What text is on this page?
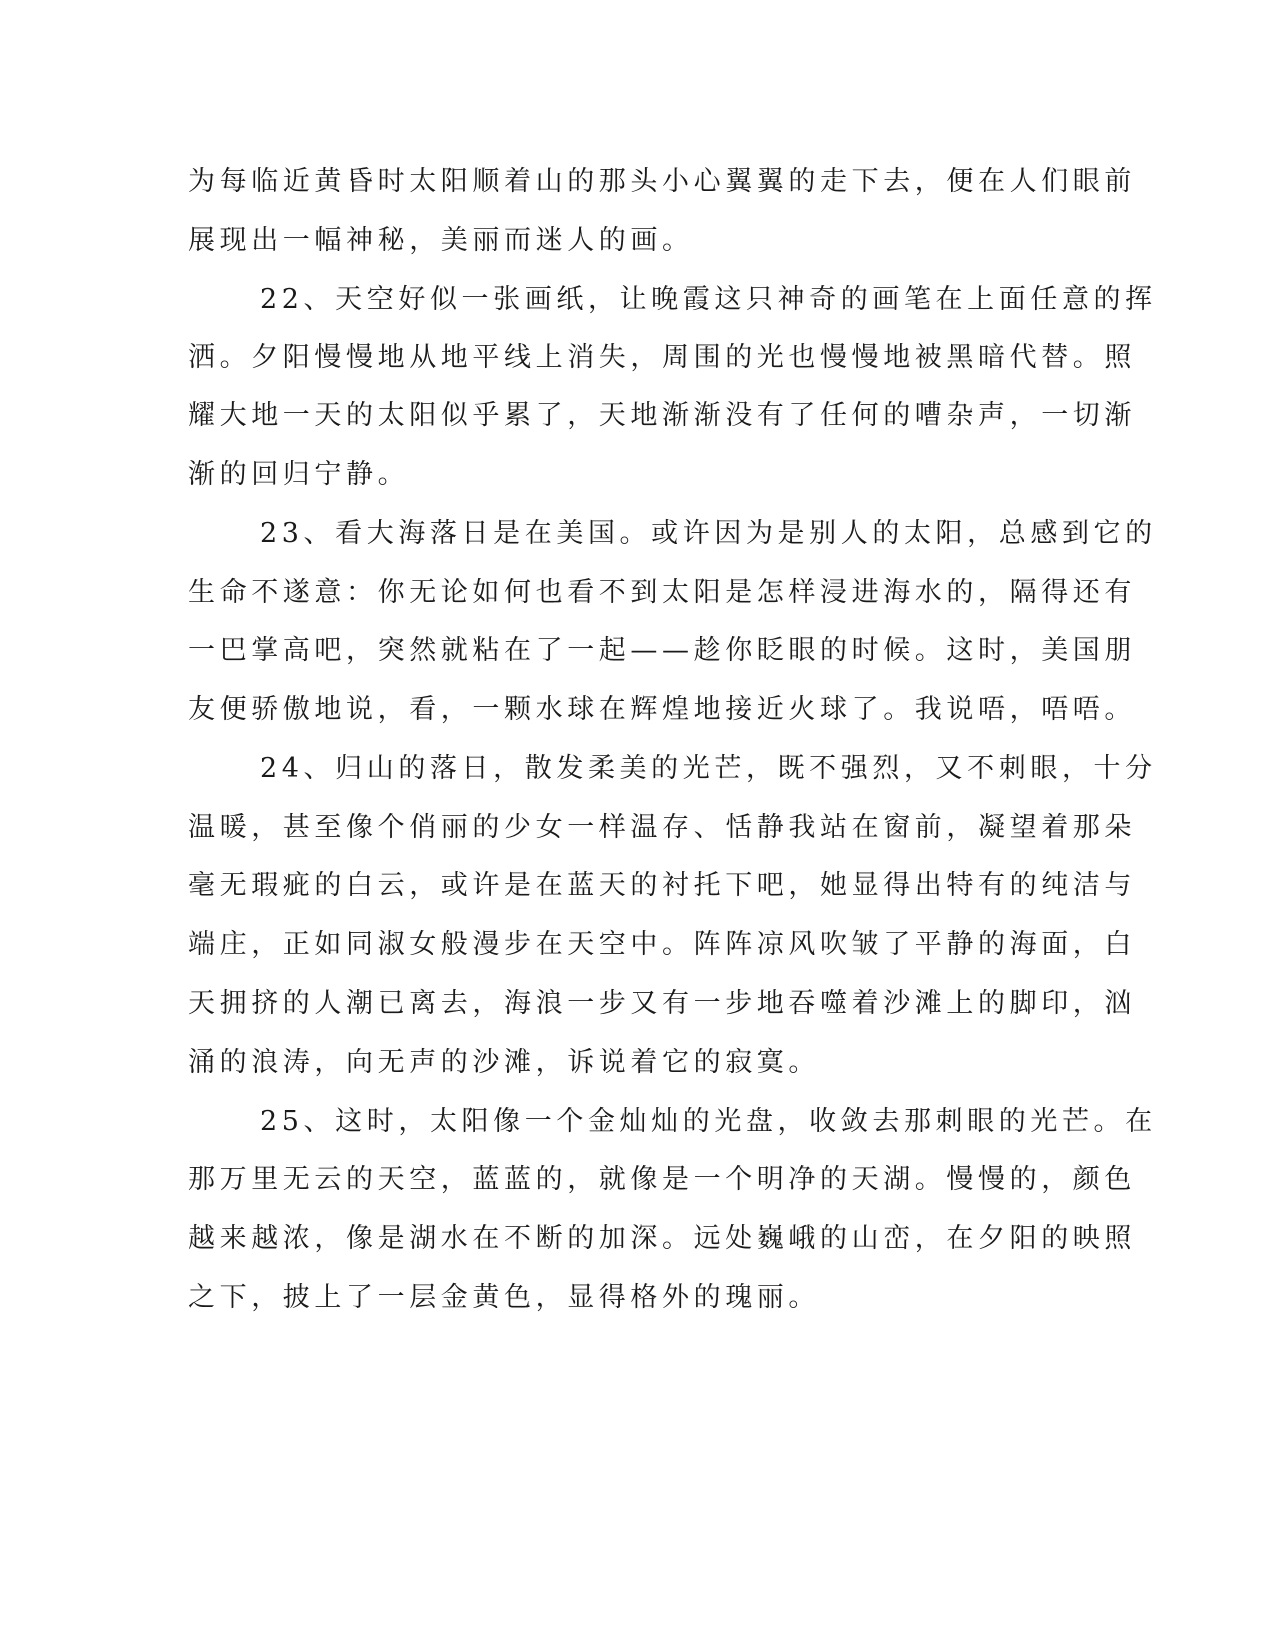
为每临近黄昏时太阳顺着山的那头小心翼翼的走下去，便在人们眼前
展现出一幅神秘，美丽而迷人的画。
22、天空好似一张画纸，让晚霞这只神奇的画笔在上面任意的挥
洒。夕阳慢慢地从地平线上消失，周围的光也慢慢地被黑暗代替。照
耀大地一天的太阳似乎累了，天地渐渐没有了任何的嘈杂声，一切渐
渐的回归宁静。
23、看大海落日是在美国。或许因为是别人的太阳，总感到它的
生命不遂意：你无论如何也看不到太阳是怎样浸进海水的，隔得还有
一巴掌高吧，突然就粘在了一起——趁你眨眼的时候。这时，美国朋
友便骄傲地说，看，一颗水球在辉煌地接近火球了。我说唔，唔唔。
24、归山的落日，散发柔美的光芒，既不强烈，又不刺眼，十分
温暖，甚至像个俏丽的少女一样温存、恬静我站在窗前，凝望着那朵
毫无瑕疵的白云，或许是在蓝天的衬托下吧，她显得出特有的纯洁与
端庄，正如同淑女般漫步在天空中。阵阵凉风吹皱了平静的海面，白
天拥挤的人潮已离去，海浪一步又有一步地吞噬着沙滩上的脚印，汹
涌的浪涛，向无声的沙滩，诉说着它的寂寞。
25、这时，太阳像一个金灿灿的光盘，收敛去那刺眼的光芒。在
那万里无云的天空，蓝蓝的，就像是一个明净的天湖。慢慢的，颜色
越来越浓，像是湖水在不断的加深。远处巍峨的山峦，在夕阳的映照
之下，披上了一层金黄色，显得格外的瑰丽。
